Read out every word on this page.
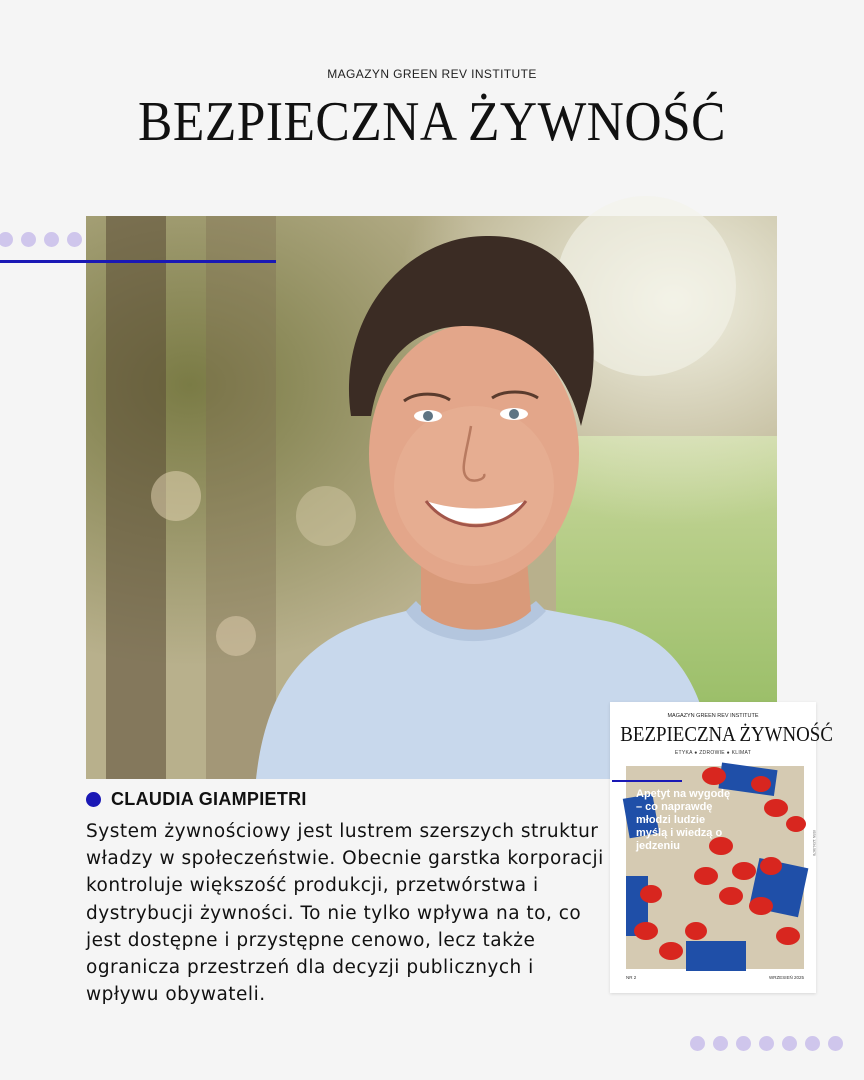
MAGAZYN GREEN REV INSTITUTE
BEZPIECZNA ŻYWNOŚĆ
CLAUDIA GIAMPIETRI
System żywnościowy jest lustrem szerszych struktur władzy w społeczeństwie. Obecnie garstka korporacji kontroluje większość produkcji, przetwórstwa i dystrybucji żywności. To nie tylko wpływa na to, co jest dostępne i przystępne cenowo, lecz także ogranicza przestrzeń dla decyzji publicznych i wpływu obywateli.
MAGAZYN GREEN REV INSTITUTE
BEZPIECZNA ŻYWNOŚĆ
ETYKA ● ZDROWIE ● KLIMAT
Apetyt na wygodę – co naprawdę młodzi ludzie myślą i wiedzą o jedzeniu	ISSN 1234-5678
NR 2	WRZESIEŃ 2025
